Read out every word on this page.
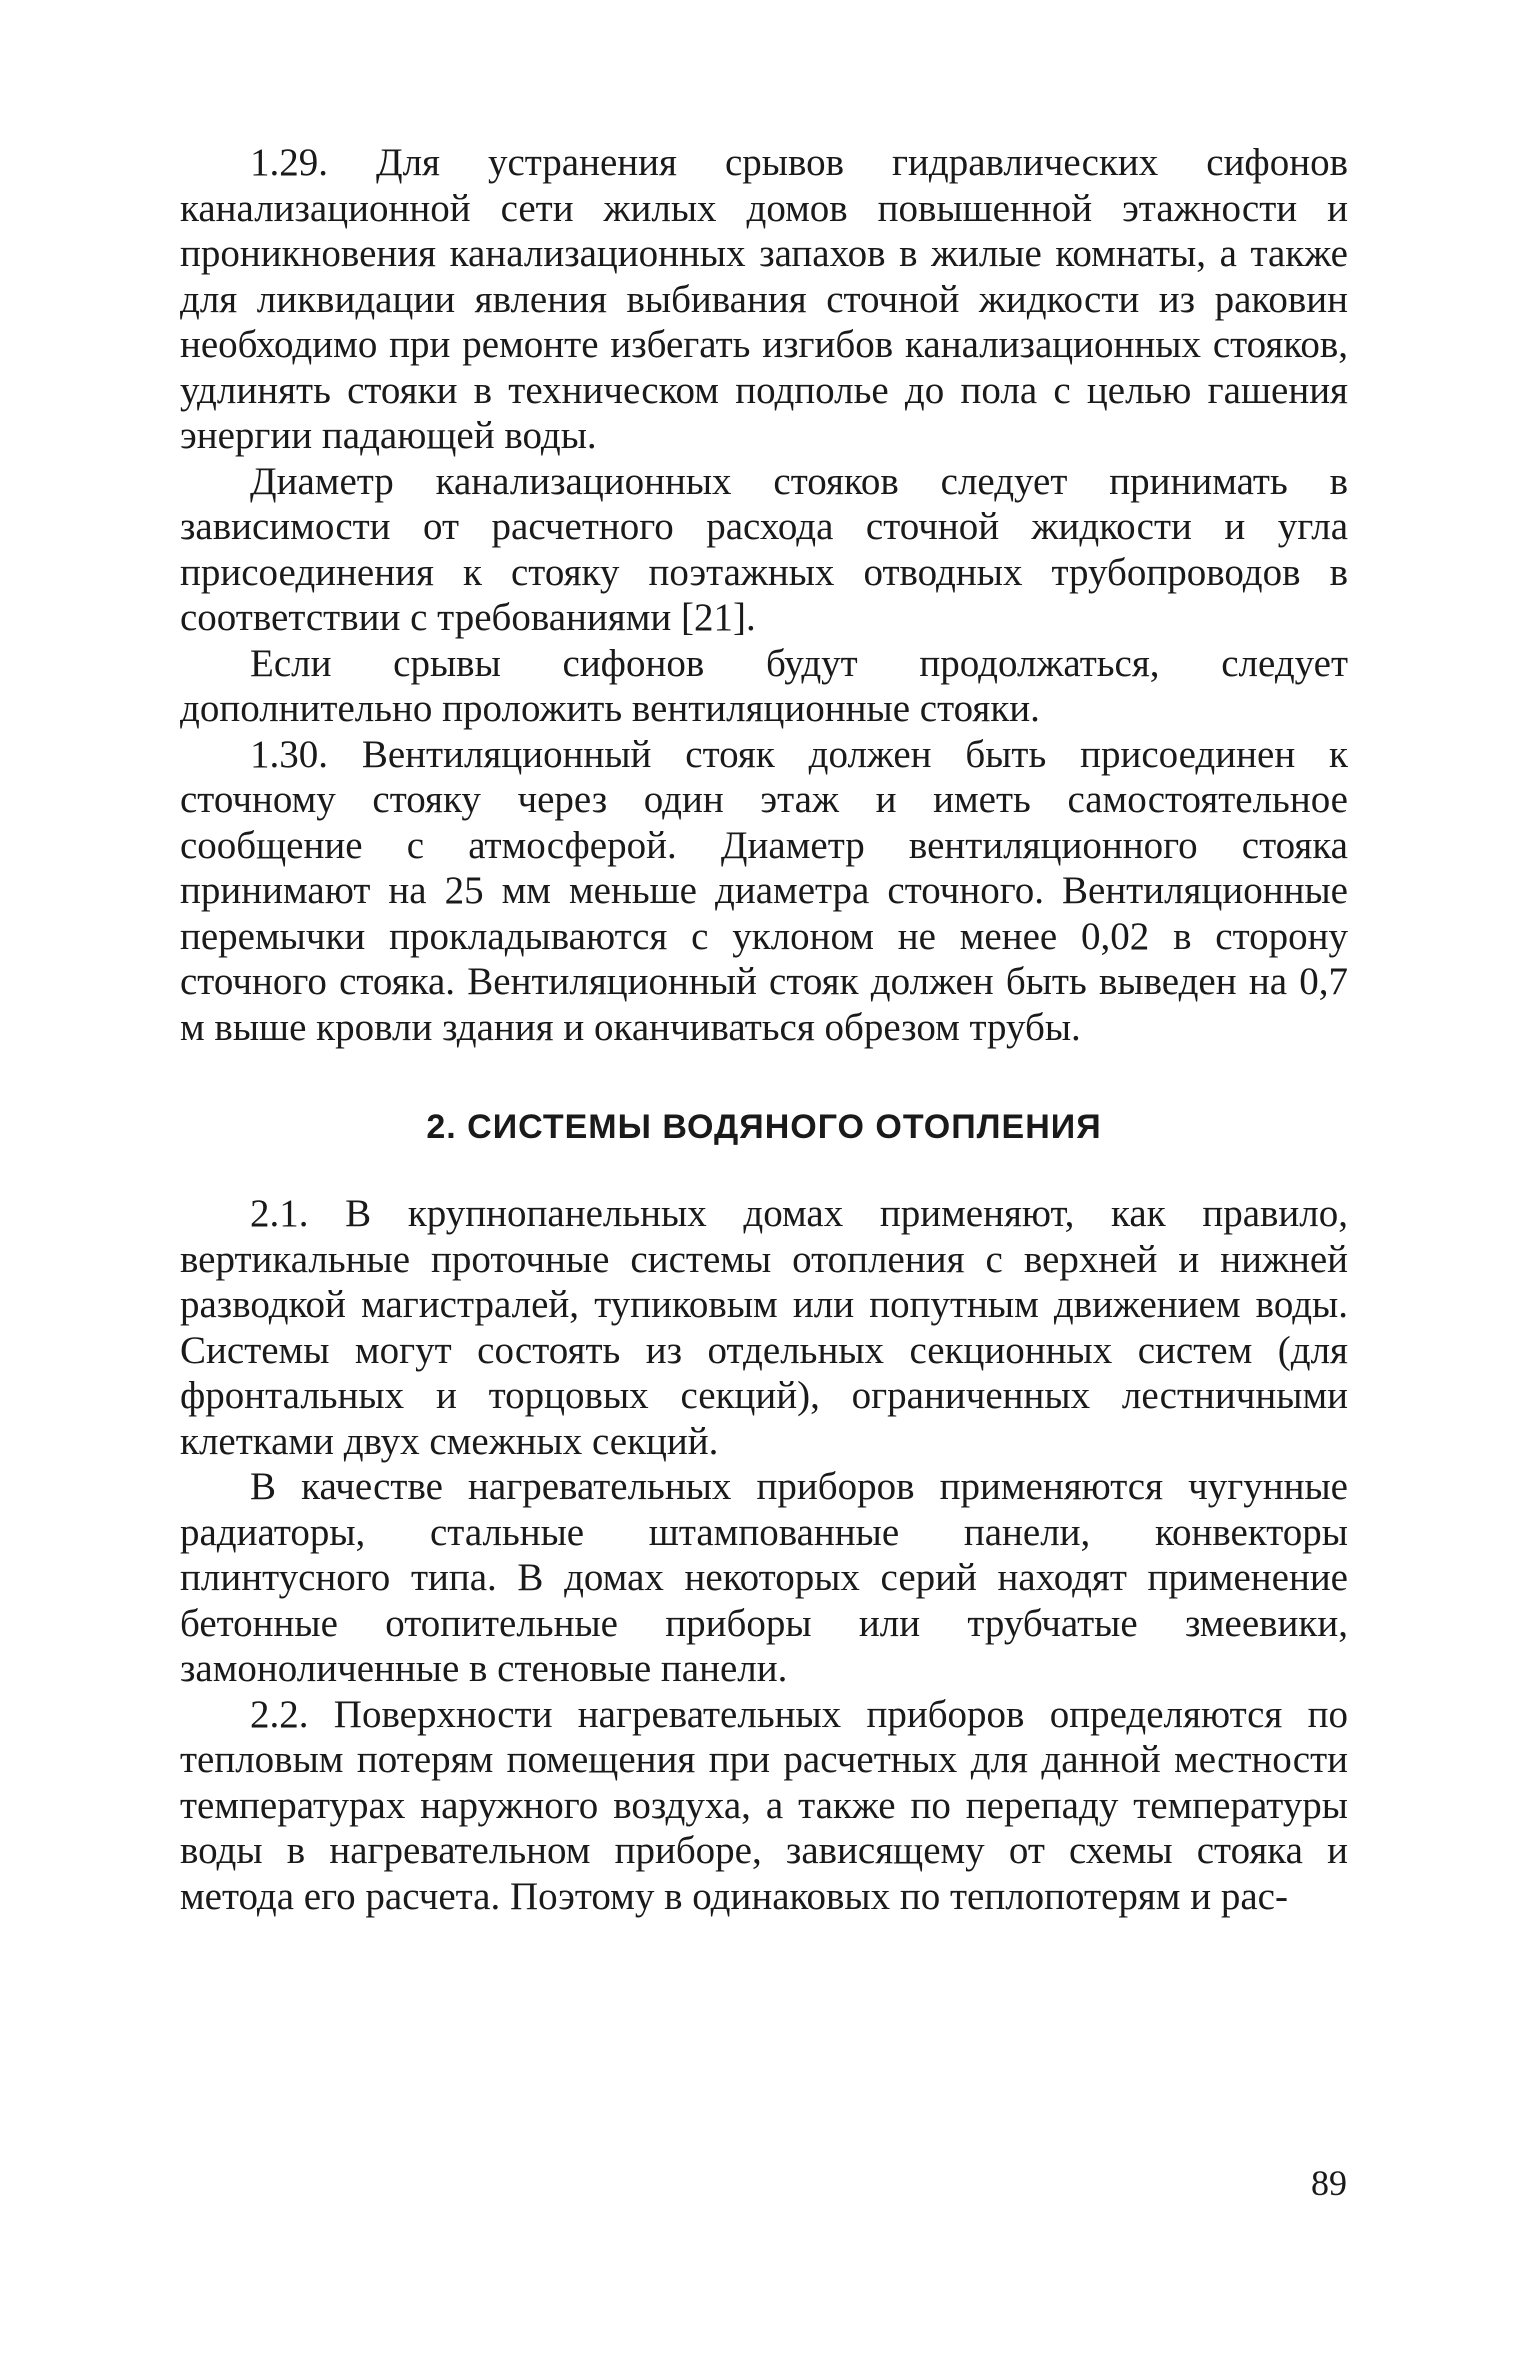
1.29. Для устранения срывов гидравлических сифонов канализационной сети жилых домов повышенной этажности и проникновения канализационных запахов в жилые комнаты, а также для ликвидации явления выбивания сточной жидкости из раковин необходимо при ремонте избегать изгибов канализационных стояков, удлинять стояки в техническом подполье до пола с целью гашения энергии падающей воды.

Диаметр канализационных стояков следует принимать в зависимости от расчетного расхода сточной жидкости и угла присоединения к стояку поэтажных отводных трубопроводов в соответствии с требованиями [21].

Если срывы сифонов будут продолжаться, следует дополнительно проложить вентиляционные стояки.

1.30. Вентиляционный стояк должен быть присоединен к сточному стояку через один этаж и иметь самостоятельное сообщение с атмосферой. Диаметр вентиляционного стояка принимают на 25 мм меньше диаметра сточного. Вентиляционные перемычки прокладываются с уклоном не менее 0,02 в сторону сточного стояка. Вентиляционный стояк должен быть выведен на 0,7 м выше кровли здания и оканчиваться обрезом трубы.

2. СИСТЕМЫ ВОДЯНОГО ОТОПЛЕНИЯ

2.1. В крупнопанельных домах применяют, как правило, вертикальные проточные системы отопления с верхней и нижней разводкой магистралей, тупиковым или попутным движением воды. Системы могут состоять из отдельных секционных систем (для фронтальных и торцовых секций), ограниченных лестничными клетками двух смежных секций.

В качестве нагревательных приборов применяются чугунные радиаторы, стальные штампованные панели, конвекторы плинтусного типа. В домах некоторых серий находят применение бетонные отопительные приборы или трубчатые змеевики, замоноличенные в стеновые панели.

2.2. Поверхности нагревательных приборов определяются по тепловым потерям помещения при расчетных для данной местности температурах наружного воздуха, а также по перепаду температуры воды в нагревательном приборе, зависящему от схемы стояка и метода его расчета. Поэтому в одинаковых по теплопотерям и рас-

89
